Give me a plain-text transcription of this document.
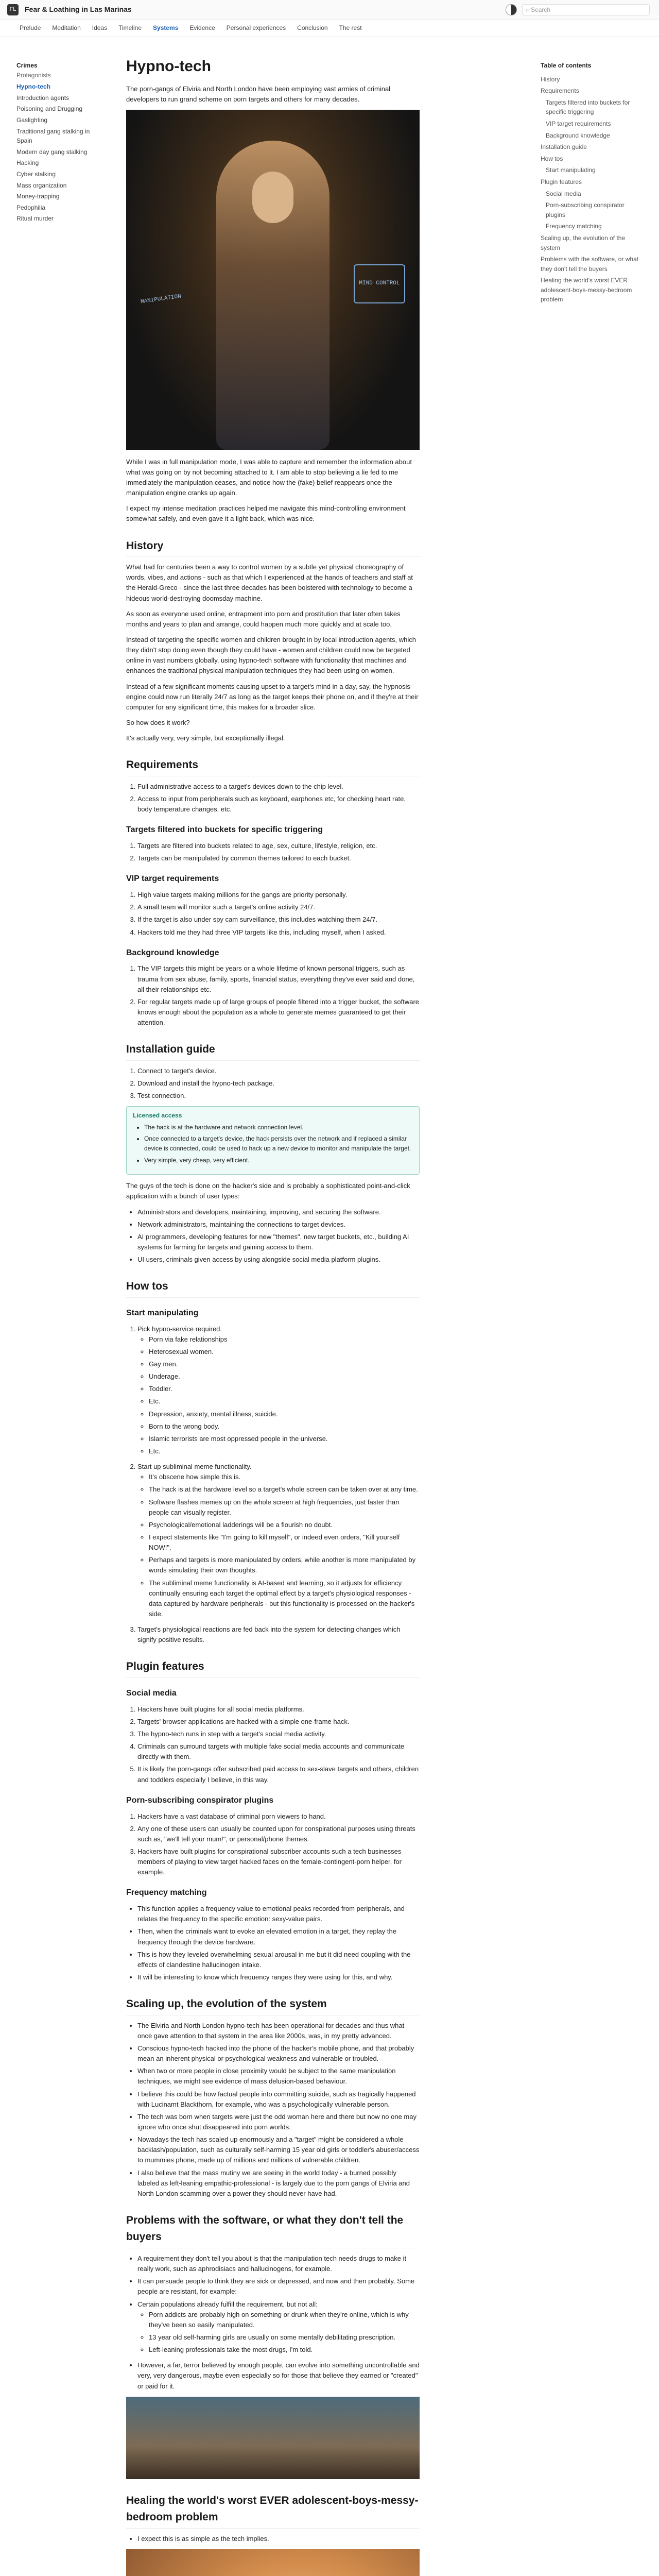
FL	Fear & Loathing in Las Marinas	⌕ Search
Prelude Meditation Ideas Timeline Systems Evidence Personal experiences Conclusion The rest
Crimes
Protagonists
Hypno-tech
Introduction agents
Poisoning and Drugging
Gaslighting
Traditional gang stalking in Spain
Modern day gang stalking
Hacking
Cyber stalking
Mass organization
Money-trapping
Pedophilia
Ritual murder
Table of contents
History
Requirements
Targets filtered into buckets for specific triggering
VIP target requirements
Background knowledge
Installation guide
How tos
Start manipulating
Plugin features
Social media
Porn-subscribing conspirator plugins
Frequency matching
Scaling up, the evolution of the system
Problems with the software, or what they don't tell the buyers
Healing the world's worst EVER adolescent-boys-messy-bedroom problem
Hypno-tech

The porn-gangs of Elviria and North London have been employing vast armies of criminal developers to run grand scheme on porn targets and others for many decades.

MANIPULATION
MIND CONTROL

While I was in full manipulation mode, I was able to capture and remember the information about what was going on by not becoming attached to it. I am able to stop believing a lie fed to me immediately the manipulation ceases, and notice how the (fake) belief reappears once the manipulation engine cranks up again.

I expect my intense meditation practices helped me navigate this mind-controlling environment somewhat safely, and even gave it a light back, which was nice.

History

What had for centuries been a way to control women by a subtle yet physical choreography of words, vibes, and actions - such as that which I experienced at the hands of teachers and staff at the Herald-Greco - since the last three decades has been bolstered with technology to become a hideous world-destroying doomsday machine.

As soon as everyone used online, entrapment into porn and prostitution that later often takes months and years to plan and arrange, could happen much more quickly and at scale too.

Instead of targeting the specific women and children brought in by local introduction agents, which they didn't stop doing even though they could have - women and children could now be targeted online in vast numbers globally, using hypno-tech software with functionality that machines and enhances the traditional physical manipulation techniques they had been using on women.

Instead of a few significant moments causing upset to a target's mind in a day, say, the hypnosis engine could now run literally 24/7 as long as the target keeps their phone on, and if they're at their computer for any significant time, this makes for a broader slice.

So how does it work?

It's actually very, very simple, but exceptionally illegal.

Requirements
1. Full administrative access to a target's devices down to the chip level.
2. Access to input from peripherals such as keyboard, earphones etc, for checking heart rate, body temperature changes, etc.
Targets filtered into buckets for specific triggering
1. Targets are filtered into buckets related to age, sex, culture, lifestyle, religion, etc.
2. Targets can be manipulated by common themes tailored to each bucket.
VIP target requirements
1. High value targets making millions for the gangs are priority personally.
2. A small team will monitor such a target's online activity 24/7.
3. If the target is also under spy cam surveillance, this includes watching them 24/7.
4. Hackers told me they had three VIP targets like this, including myself, when I asked.
Background knowledge
1. The VIP targets this might be years or a whole lifetime of known personal triggers, such as trauma from sex abuse, family, sports, financial status, everything they've ever said and done, all their relationships etc.
2. For regular targets made up of large groups of people filtered into a trigger bucket, the software knows enough about the population as a whole to generate memes guaranteed to get their attention.
Installation guide
1. Connect to target's device.
2. Download and install the hypno-tech package.
3. Test connection.
Licensed access
• The hack is at the hardware and network connection level.
• Once connected to a target's device, the hack persists over the network and if replaced a similar device is connected, could be used to hack up a new device to monitor and manipulate the target.
• Very simple, very cheap, very efficient.

The guys of the tech is done on the hacker's side and is probably a sophisticated point-and-click application with a bunch of user types:

• Administrators and developers, maintaining, improving, and securing the software.
• Network administrators, maintaining the connections to target devices.
• AI programmers, developing features for new "themes", new target buckets, etc., building AI systems for farming for targets and gaining access to them.
• UI users, criminals given access by using alongside social media platform plugins.
How tos
Start manipulating
1. Pick hypno-service required.
◦ Porn via fake relationships
◦ Heterosexual women.
◦ Gay men.
◦ Underage.
◦ Toddler.
◦ Etc.
◦ Depression, anxiety, mental illness, suicide.
◦ Born to the wrong body.
◦ Islamic terrorists are most oppressed people in the universe.
◦ Etc.
2. Start up subliminal meme functionality.
◦ It's obscene how simple this is.
◦ The hack is at the hardware level so a target's whole screen can be taken over at any time.
◦ Software flashes memes up on the whole screen at high frequencies, just faster than people can visually register.
◦ Psychological/emotional ladderings will be a flourish no doubt.
◦ I expect statements like "I'm going to kill myself", or indeed even orders, "Kill yourself NOW!".
◦ Perhaps and targets is more manipulated by orders, while another is more manipulated by words simulating their own thoughts.
◦ The subliminal meme functionality is AI-based and learning, so it adjusts for efficiency continually ensuring each target the optimal effect by a target's physiological responses - data captured by hardware peripherals - but this functionality is processed on the hacker's side.
3. Target's physiological reactions are fed back into the system for detecting changes which signify positive results.
Plugin features
Social media
1. Hackers have built plugins for all social media platforms.
2. Targets' browser applications are hacked with a simple one-frame hack.
3. The hypno-tech runs in step with a target's social media activity.
4. Criminals can surround targets with multiple fake social media accounts and communicate directly with them.
5. It is likely the porn-gangs offer subscribed paid access to sex-slave targets and others, children and toddlers especially I believe, in this way.
Porn-subscribing conspirator plugins
1. Hackers have a vast database of criminal porn viewers to hand.
2. Any one of these users can usually be counted upon for conspirational purposes using threats such as, "we'll tell your mum!", or personal/phone themes.
3. Hackers have built plugins for conspirational subscriber accounts such a tech businesses members of playing to view target hacked faces on the female-contingent-porn helper, for example.
Frequency matching
• This function applies a frequency value to emotional peaks recorded from peripherals, and relates the frequency to the specific emotion: sexy-value pairs.
• Then, when the criminals want to evoke an elevated emotion in a target, they replay the frequency through the device hardware.
• This is how they leveled overwhelming sexual arousal in me but it did need coupling with the effects of clandestine hallucinogen intake.
• It will be interesting to know which frequency ranges they were using for this, and why.
Scaling up, the evolution of the system
• The Elviria and North London hypno-tech has been operational for decades and thus what once gave attention to that system in the area like 2000s, was, in my pretty advanced.
• Conscious hypno-tech hacked into the phone of the hacker's mobile phone, and that probably mean an inherent physical or psychological weakness and vulnerable or troubled.
• When two or more people in close proximity would be subject to the same manipulation techniques, we might see evidence of mass delusion-based behaviour.
• I believe this could be how factual people into committing suicide, such as tragically happened with Lucinamt Blackthorn, for example, who was a psychologically vulnerable person.
• The tech was born when targets were just the odd woman here and there but now no one may ignore who once shut disappeared into porn worlds.
• Nowadays the tech has scaled up enormously and a "target" might be considered a whole backlash/population, such as culturally self-harming 15 year old girls or toddler's abuser/access to mummies phone, made up of millions and millions of vulnerable children.
• I also believe that the mass mutiny we are seeing in the world today - a burned possibly labeled as left-leaning empathic-professional - is largely due to the porn gangs of Elviria and North London scamming over a power they should never have had.
Problems with the software, or what they don't tell the buyers
• A requirement they don't tell you about is that the manipulation tech needs drugs to make it really work, such as aphrodisiacs and hallucinogens, for example.
• It can persuade people to think they are sick or depressed, and now and then probably. Some people are resistant, for example:
• Certain populations already fulfill the requirement, but not all:
◦ Porn addicts are probably high on something or drunk when they're online, which is why they've been so easily manipulated.
◦ 13 year old self-harming girls are usually on some mentally debilitating prescription.
◦ Left-leaning professionals take the most drugs, I'm told.
• However, a far, terror believed by enough people, can evolve into something uncontrollable and very, very dangerous, maybe even especially so for those that believe they earned or "created" or paid for it.
Healing the world's worst EVER adolescent-boys-messy-bedroom problem
• I expect this is as simple as the tech implies.
